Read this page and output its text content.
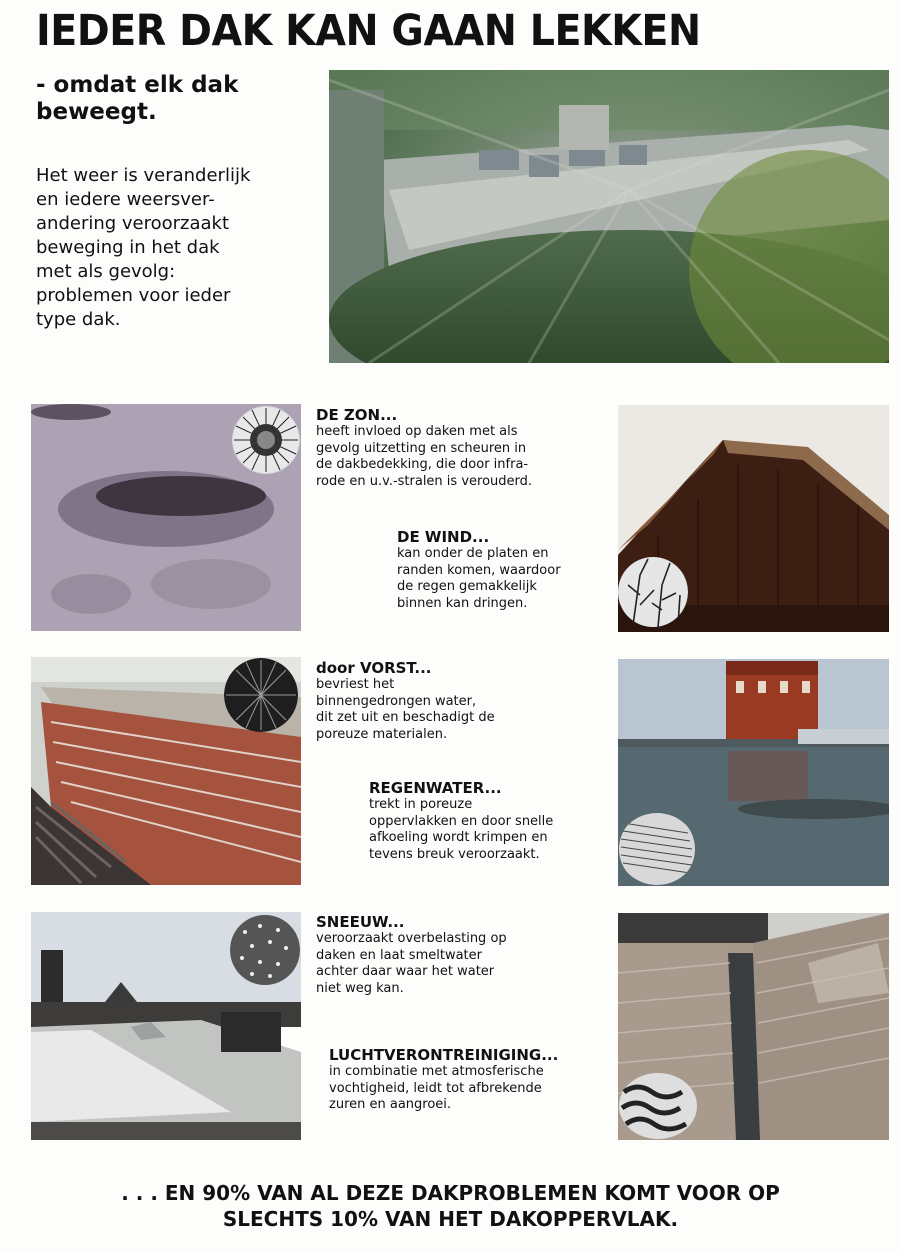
IEDER DAK KAN GAAN LEKKEN
- omdat elk dak
beweegt.
Het weer is veranderlijk
en iedere weersver-
andering veroorzaakt
beweging in het dak
met als gevolg:
problemen voor ieder
type dak.
DE ZON...
heeft invloed op daken met als
gevolg uitzetting en scheuren in
de dakbedekking, die door infra-
rode en u.v.-stralen is verouderd.
DE WIND...
kan onder de platen en
randen komen, waardoor
de regen gemakkelijk
binnen kan dringen.
door VORST...
bevriest het
binnengedrongen water,
dit zet uit en beschadigt de
poreuze materialen.
REGENWATER...
trekt in poreuze
oppervlakken en door snelle
afkoeling wordt krimpen en
tevens breuk veroorzaakt.
SNEEUW...
veroorzaakt overbelasting op
daken en laat smeltwater
achter daar waar het water
niet weg kan.
LUCHTVERONTREINIGING...
in combinatie met atmosferische
vochtigheid, leidt tot afbrekende
zuren en aangroei.
. . . EN 90% VAN AL DEZE DAKPROBLEMEN KOMT VOOR OP
SLECHTS 10% VAN HET DAKOPPERVLAK.
